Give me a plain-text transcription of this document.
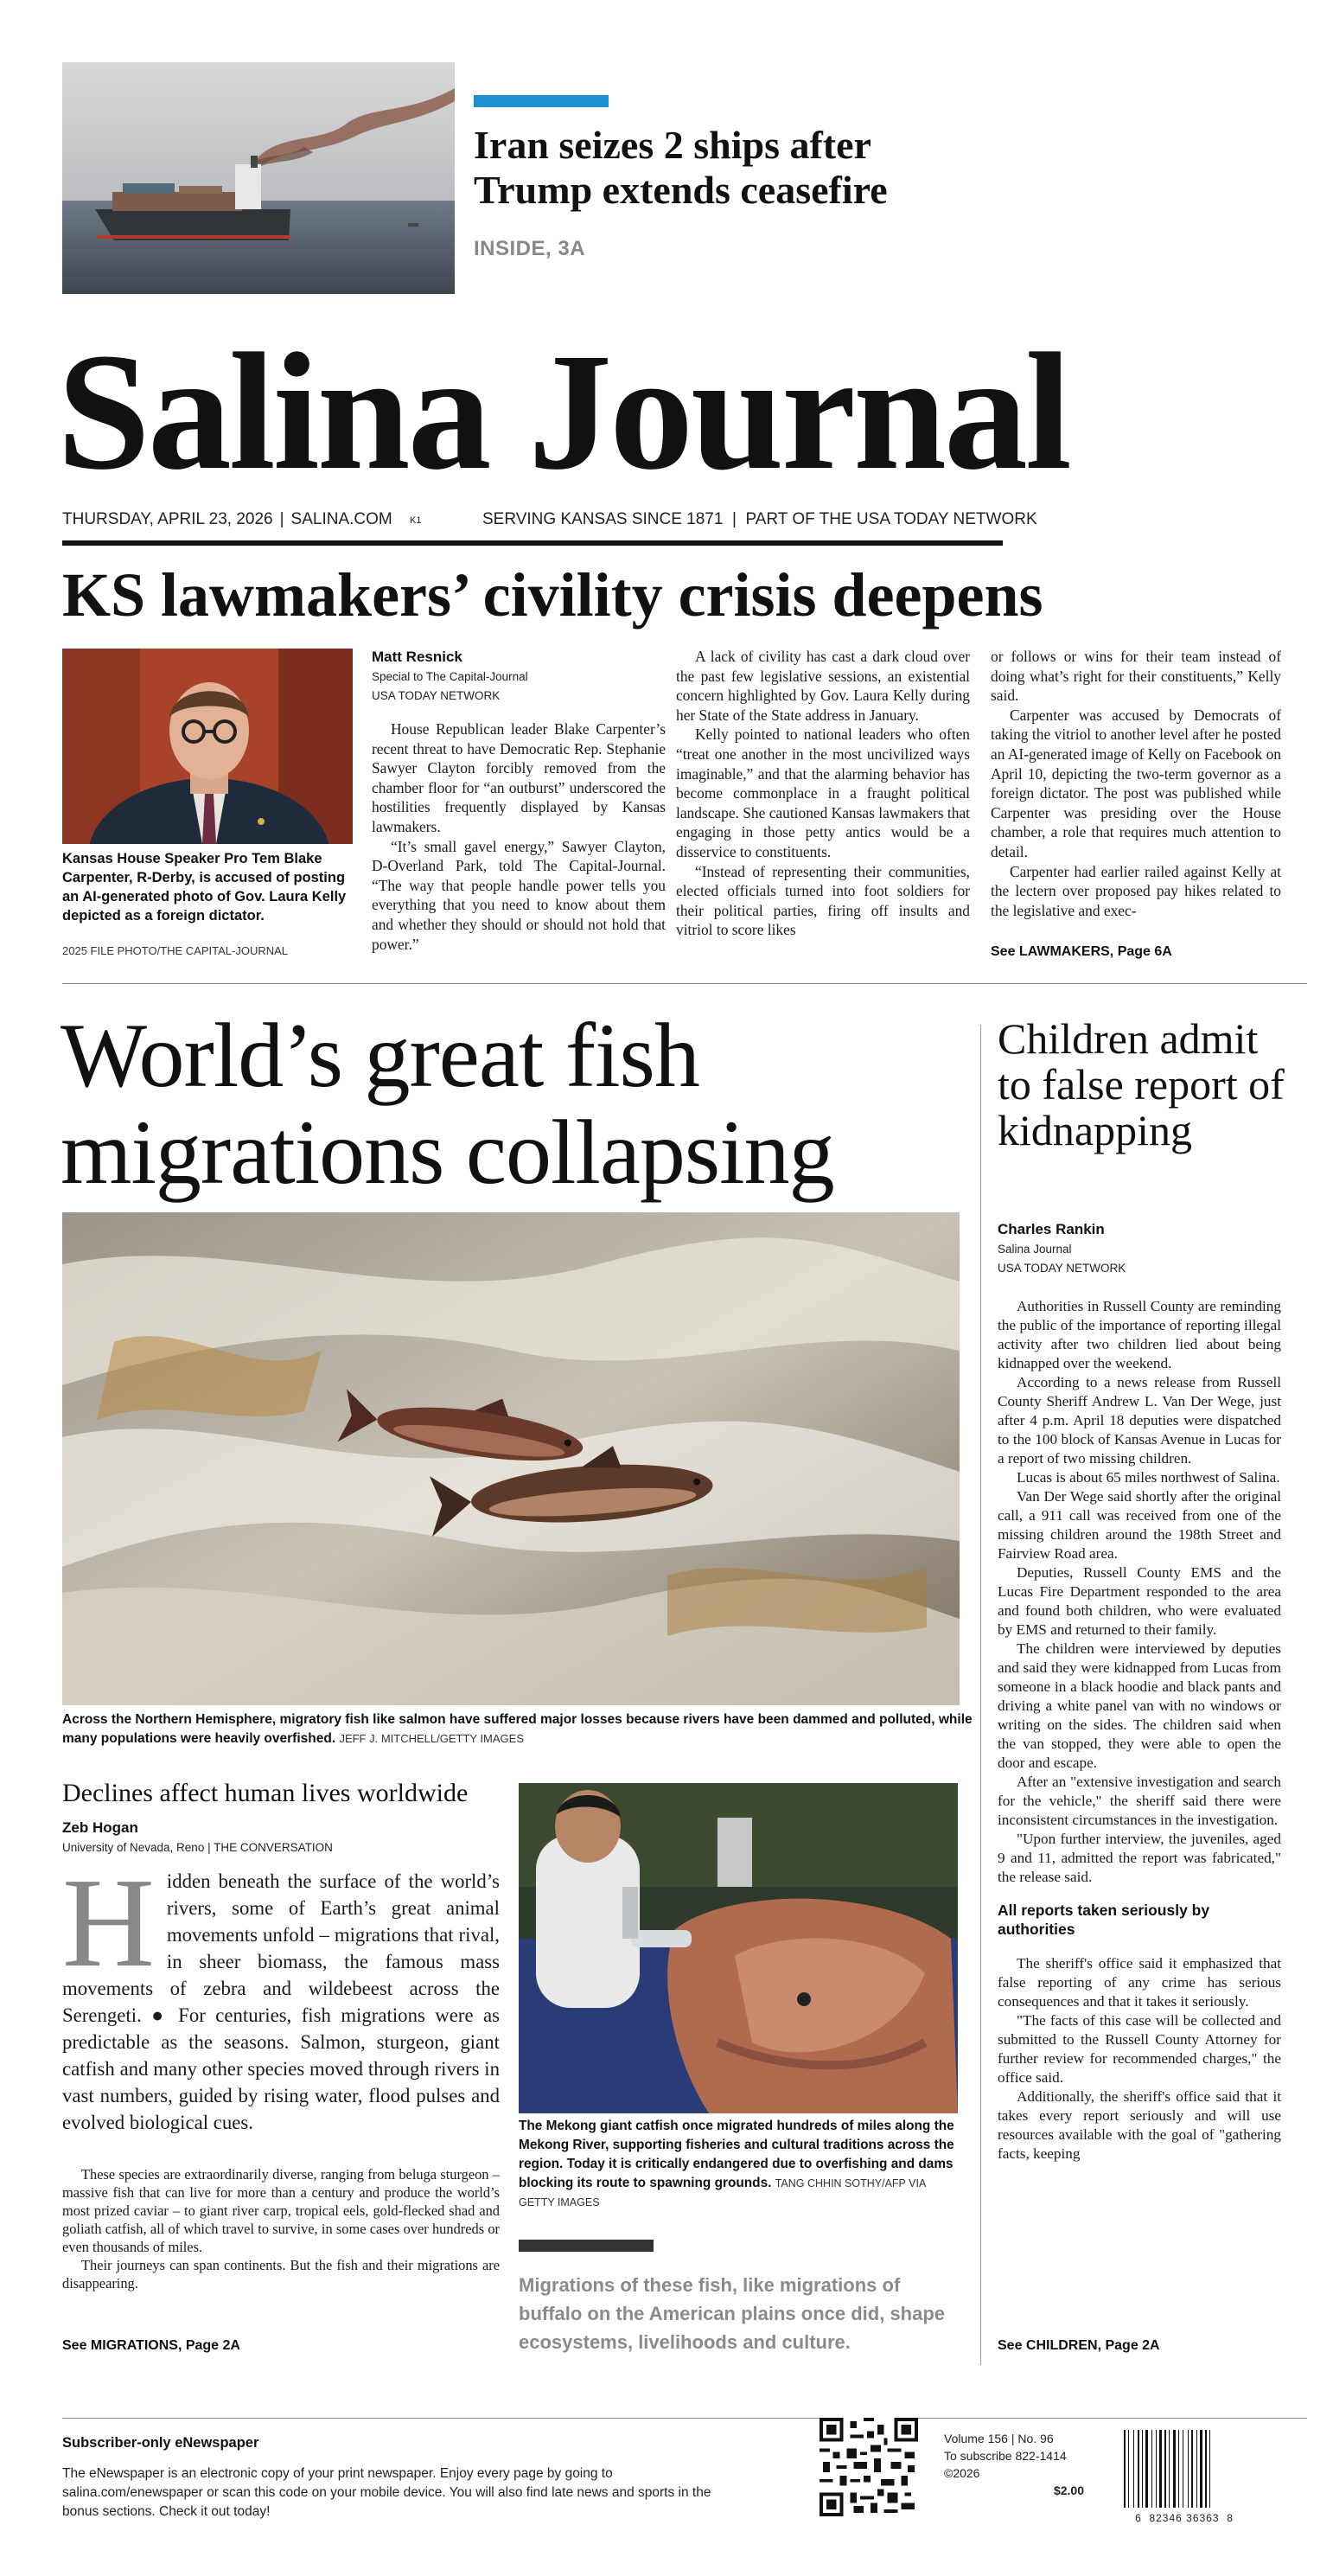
Iran seizes 2 ships after Trump extends ceasefire
INSIDE, 3A
Salina Journal
THURSDAY, APRIL 23, 2026 | SALINA.COM K1	SERVING KANSAS SINCE 1871  |  PART OF THE USA TODAY NETWORK
KS lawmakers’ civility crisis deepens
Kansas House Speaker Pro Tem Blake Carpenter, R-Derby, is accused of posting an AI-generated photo of Gov. Laura Kelly depicted as a foreign dictator.
2025 FILE PHOTO/THE CAPITAL-JOURNAL
Matt Resnick
Special to The Capital-Journal
USA TODAY NETWORK

House Republican leader Blake Carpenter’s recent threat to have Democratic Rep. Stephanie Sawyer Clayton forcibly removed from the chamber floor for “an outburst” underscored the hostilities frequently displayed by Kansas lawmakers.

“It’s small gavel energy,” Sawyer Clayton, D-Overland Park, told The Capital-Journal. “The way that people handle power tells you everything that you need to know about them and whether they should or should not hold that power.”

A lack of civility has cast a dark cloud over the past few legislative sessions, an existential concern highlighted by Gov. Laura Kelly during her State of the State address in January.

Kelly pointed to national leaders who often “treat one another in the most uncivilized ways imaginable,” and that the alarming behavior has become commonplace in a fraught political landscape. She cautioned Kansas lawmakers that engaging in those petty antics would be a disservice to constituents.

“Instead of representing their communities, elected officials turned into foot soldiers for their political parties, firing off insults and vitriol to score likes

or follows or wins for their team instead of doing what’s right for their constituents,” Kelly said.

Carpenter was accused by Democrats of taking the vitriol to another level after he posted an AI-generated image of Kelly on Facebook on April 10, depicting the two-term governor as a foreign dictator. The post was published while Carpenter was presiding over the House chamber, a role that requires much attention to detail.

Carpenter had earlier railed against Kelly at the lectern over proposed pay hikes related to the legislative and exec-

See LAWMAKERS, Page 6A
World’s great fish migrations collapsing
Across the Northern Hemisphere, migratory fish like salmon have suffered major losses because rivers have been dammed and polluted, while many populations were heavily overfished. JEFF J. MITCHELL/GETTY IMAGES
Declines affect human lives worldwide
Zeb Hogan
University of Nevada, Reno | THE CONVERSATION
Hidden beneath the surface of the world’s rivers, some of Earth’s great animal movements unfold – migrations that rival, in sheer biomass, the famous mass movements of zebra and wildebeest across the Serengeti. ● For centuries, fish migrations were as predictable as the seasons. Salmon, sturgeon, giant catfish and many other species moved through rivers in vast numbers, guided by rising water, flood pulses and evolved biological cues.

These species are extraordinarily diverse, ranging from beluga sturgeon – massive fish that can live for more than a century and produce the world’s most prized caviar – to giant river carp, tropical eels, gold-flecked shad and goliath catfish, all of which travel to survive, in some cases over hundreds or even thousands of miles.

Their journeys can span continents. But the fish and their migrations are disappearing.

See MIGRATIONS, Page 2A
The Mekong giant catfish once migrated hundreds of miles along the Mekong River, supporting fisheries and cultural traditions across the region. Today it is critically endangered due to overfishing and dams blocking its route to spawning grounds. TANG CHHIN SOTHY/AFP VIA GETTY IMAGES
Migrations of these fish, like migrations of buffalo on the American plains once did, shape ecosystems, livelihoods and culture.
Children admit to false report of kidnapping
Charles Rankin
Salina Journal
USA TODAY NETWORK

Authorities in Russell County are reminding the public of the importance of reporting illegal activity after two children lied about being kidnapped over the weekend.

According to a news release from Russell County Sheriff Andrew L. Van Der Wege, just after 4 p.m. April 18 deputies were dispatched to the 100 block of Kansas Avenue in Lucas for a report of two missing children.

Lucas is about 65 miles northwest of Salina.

Van Der Wege said shortly after the original call, a 911 call was received from one of the missing children around the 198th Street and Fairview Road area.

Deputies, Russell County EMS and the Lucas Fire Department responded to the area and found both children, who were evaluated by EMS and returned to their family.

The children were interviewed by deputies and said they were kidnapped from Lucas from someone in a black hoodie and black pants and driving a white panel van with no windows or writing on the sides. The children said when the van stopped, they were able to open the door and escape.

After an "extensive investigation and search for the vehicle," the sheriff said there were inconsistent circumstances in the investigation.

"Upon further interview, the juveniles, aged 9 and 11, admitted the report was fabricated," the release said.

All reports taken seriously by authorities

The sheriff's office said it emphasized that false reporting of any crime has serious consequences and that it takes it seriously.

"The facts of this case will be collected and submitted to the Russell County Attorney for further review for recommended charges," the office said.

Additionally, the sheriff's office said that it takes every report seriously and will use resources available with the goal of "gathering facts, keeping

See CHILDREN, Page 2A
Subscriber-only eNewspaper
The eNewspaper is an electronic copy of your print newspaper. Enjoy every page by going to salina.com/enewspaper or scan this code on your mobile device. You will also find late news and sports in the bonus sections. Check it out today!
Volume 156 | No. 96
To subscribe 822-1414
©2026
$2.00
6  82346 36363  8
